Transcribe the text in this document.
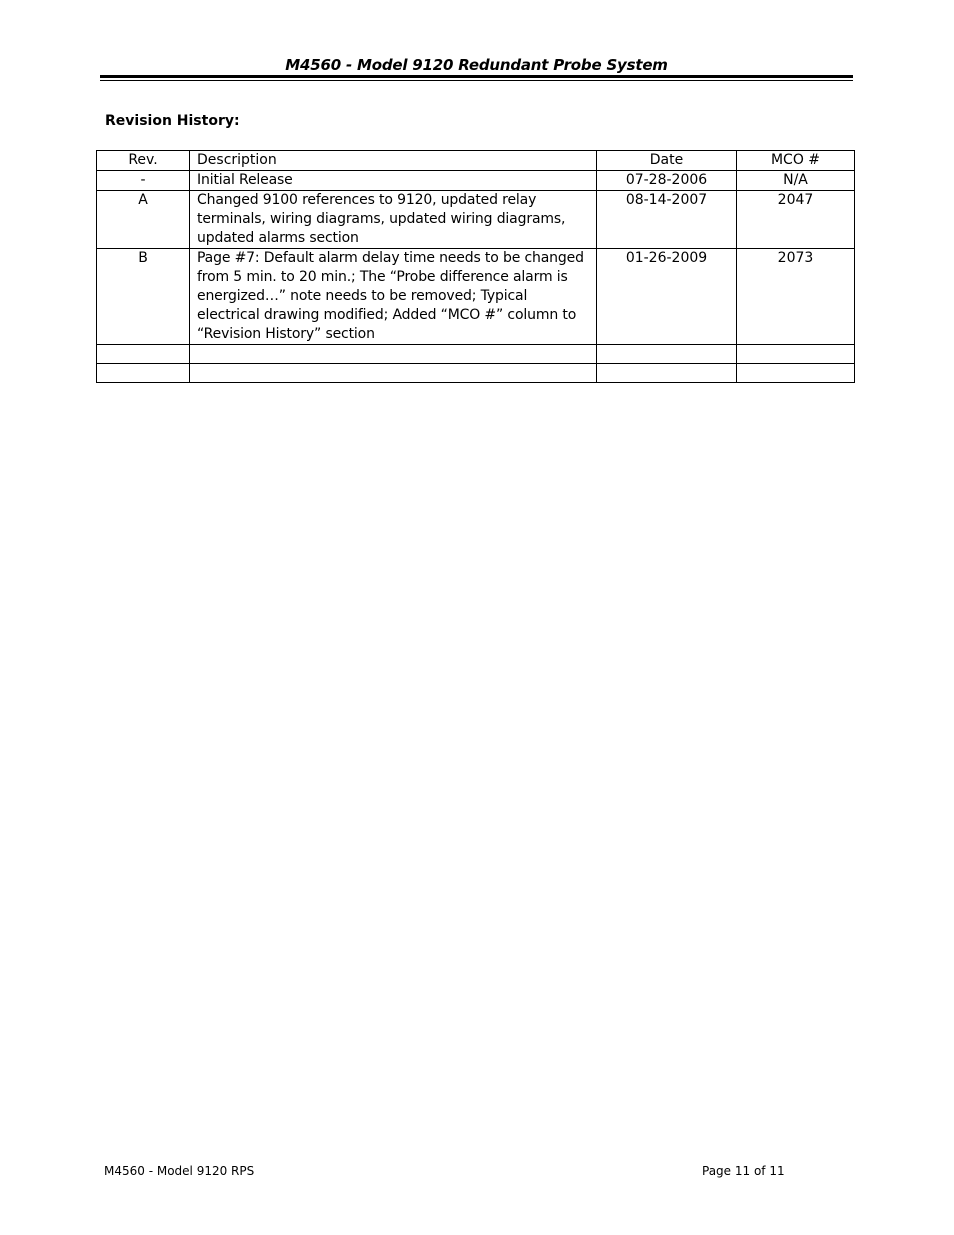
M4560 - Model 9120 Redundant Probe System
Revision History:
Rev.	Description	Date	MCO #
-	Initial Release	07-28-2006	N/A
A	Changed 9100 references to 9120, updated relay terminals, wiring diagrams, updated wiring diagrams, updated alarms section	08-14-2007	2047
B	Page #7: Default alarm delay time needs to be changed from 5 min. to 20 min.; The “Probe difference alarm is energized…” note needs to be removed; Typical electrical drawing modified; Added “MCO #” column to “Revision History” section	01-26-2009	2073

M4560 - Model 9120 RPS	Page 11 of 11
